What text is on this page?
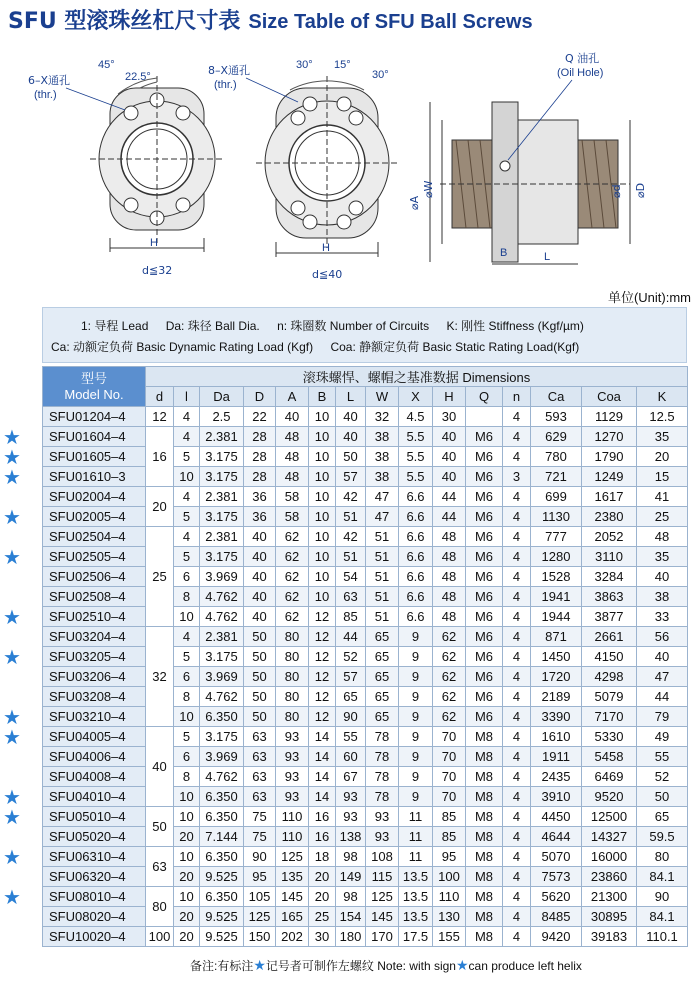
SFU 型滚珠丝杠尺寸表 Size Table of SFU Ball Screws
45°
22.5°
6–X通孔
(thr.)
H
d≦32
30° 15°
30°
8–X通孔
(thr.)
H
d≦40
Q 油孔
(Oil Hole)
⌀A
⌀W	⌀d ⌀D
B	L
单位(Unit):mm
1: 导程 Lead Da: 珠径 Ball Dia. n: 珠圈数 Number of Circuits K: 刚性 Stiffness (Kgf/µm)
Ca: 动额定负荷 Basic Dynamic Rating Load (Kgf) Coa: 静额定负荷 Basic Static Rating Load(Kgf)
型号
Model No.	滚珠螺悍、螺帽之基准数据 Dimensions														
	d	l	Da	D	A	B	L	W	X	H	Q	n	Ca	Coa	K
SFU01204–4	12	4	2.5	22	40	10	40	32	4.5	30		4	593	1129	12.5
SFU01604–4	16	4	2.381	28	48	10	40	38	5.5	40	M6	4	629	1270	35
SFU01605–4		5	3.175	28	48	10	50	38	5.5	40	M6	4	780	1790	20
SFU01610–3		10	3.175	28	48	10	57	38	5.5	40	M6	3	721	1249	15
SFU02004–4	20	4	2.381	36	58	10	42	47	6.6	44	M6	4	699	1617	41
SFU02005–4		5	3.175	36	58	10	51	47	6.6	44	M6	4	1130	2380	25
SFU02504–4	25	4	2.381	40	62	10	42	51	6.6	48	M6	4	777	2052	48
SFU02505–4		5	3.175	40	62	10	51	51	6.6	48	M6	4	1280	3110	35
SFU02506–4		6	3.969	40	62	10	54	51	6.6	48	M6	4	1528	3284	40
SFU02508–4		8	4.762	40	62	10	63	51	6.6	48	M6	4	1941	3863	38
SFU02510–4		10	4.762	40	62	12	85	51	6.6	48	M6	4	1944	3877	33
SFU03204–4	32	4	2.381	50	80	12	44	65	9	62	M6	4	871	2661	56
SFU03205–4		5	3.175	50	80	12	52	65	9	62	M6	4	1450	4150	40
SFU03206–4		6	3.969	50	80	12	57	65	9	62	M6	4	1720	4298	47
SFU03208–4		8	4.762	50	80	12	65	65	9	62	M6	4	2189	5079	44
SFU03210–4		10	6.350	50	80	12	90	65	9	62	M6	4	3390	7170	79
SFU04005–4	40	5	3.175	63	93	14	55	78	9	70	M8	4	1610	5330	49
SFU04006–4		6	3.969	63	93	14	60	78	9	70	M8	4	1911	5458	55
SFU04008–4		8	4.762	63	93	14	67	78	9	70	M8	4	2435	6469	52
SFU04010–4		10	6.350	63	93	14	93	78	9	70	M8	4	3910	9520	50
SFU05010–4	50	10	6.350	75	110	16	93	93	11	85	M8	4	4450	12500	65
SFU05020–4		20	7.144	75	110	16	138	93	11	85	M8	4	4644	14327	59.5
SFU06310–4	63	10	6.350	90	125	18	98	108	11	95	M8	4	5070	16000	80
SFU06320–4		20	9.525	95	135	20	149	115	13.5	100	M8	4	7573	23860	84.1
SFU08010–4	80	10	6.350	105	145	20	98	125	13.5	110	M8	4	5620	21300	90
SFU08020–4		20	9.525	125	165	25	154	145	13.5	130	M8	4	8485	30895	84.1
SFU10020–4	100	20	9.525	150	202	30	180	170	17.5	155	M8	4	9420	39183	110.1
★
★
★
★
★
★
★
★
★
★
★
★
★
备注:有标注★记号者可制作左螺纹 Note: with sign★can produce left helix
